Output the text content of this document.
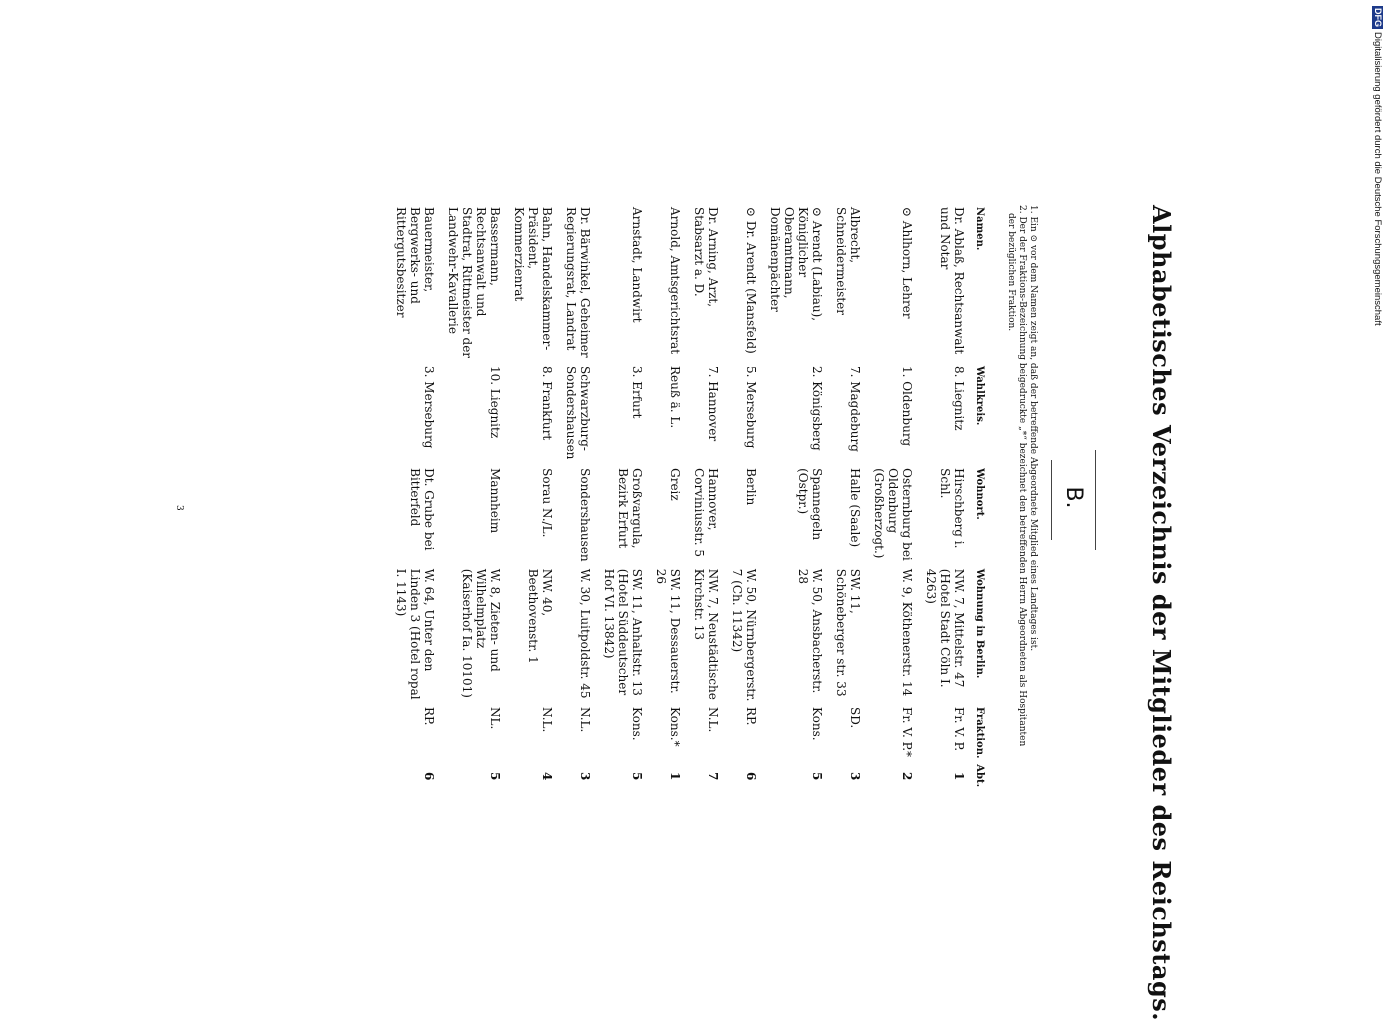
Alphabetisches Verzeichnis der Mitglieder des Reichstags.
B.
1. Ein ⊙ vor dem Namen zeigt an, daß der betreffende Abgeordnete Mitglied eines Landtages ist.
2. Der der Fraktions-Bezeichnung beigedruckte „*“ bezeichnet den betreffenden Herrn Abgeordneten als Hospitanten
der bezüglichen Fraktion.
Namen.	Wahlkreis.	Wohnort.	Wohnung in Berlin.	Fraktion.	Abt.
Dr. Ablaß, Rechtsanwalt und Notar	8. Liegnitz	Hirschberg i. Schl.	NW. 7, Mittelstr. 47 (Hotel Stadt Cöln I. 4263)	Fr. V. P.	1
⊙ Ahlhorn, Lehrer	1. Oldenburg	Osternburg bei Oldenburg (Großherzogt.)	W. 9, Köthenerstr. 14	Fr. V. P.*	2
Albrecht, Schneidermeister	7. Magdeburg	Halle (Saale)	SW. 11, Schöneberger str. 33	SD.	3
⊙ Arendt (Labiau), Königlicher Oberamtmann, Domänenpächter	2. Königsberg	Spannegeln (Ostpr.)	W. 50, Ansbacherstr. 28	Kons.	5
⊙ Dr. Arendt (Mansfeld)	5. Merseburg	Berlin	W. 50, Nürnbergerstr. 7 (Ch. 11342)	RP.	6
Dr. Arning, Arzt, Stabsarzt a. D.	7. Hannover	Hannover, Corviniusstr. 5	NW. 7, Neustädtische Kirchstr. 13	N.L.	7
Arnold, Amtsgerichtsrat	Reuß ä. L.	Greiz	SW. 11, Dessauerstr. 26	Kons.*	1
Arnstadt, Landwirt	3. Erfurt	Großvargula, Bezirk Erfurt	SW. 11, Anhaltstr. 13 (Hotel Süddeutscher Hof VI. 13842)	Kons.	5
Dr. Bärwinkel, Geheimer Regierungsrat, Landrat	Schwarzburg-Sondershausen	Sondershausen	W. 30, Luitpoldstr. 45	N.L.	3
Bahn, Handelskammer-Präsident, Kommerzienrat	8. Frankfurt	Sorau N./L.	NW. 40, Beethovenstr. 1	N.L.	4
Bassermann, Rechtsanwalt und Stadtrat, Rittmeister der Landwehr-Kavallerie	10. Liegnitz	Mannheim	W. 8, Zieten- und Wilhelmplatz (Kaiserhof Ia. 10101)	NL.	5
Bauermeister, Bergwerks- und Rittergutsbesitzer	3. Merseburg	Dt. Grube bei Bitterfeld	W. 64, Unter den Linden 3 (Hotel ropal I. 1143)	RP.	6
3
DFGDigitalisierung gefördert durch die Deutsche Forschungsgemeinschaft
